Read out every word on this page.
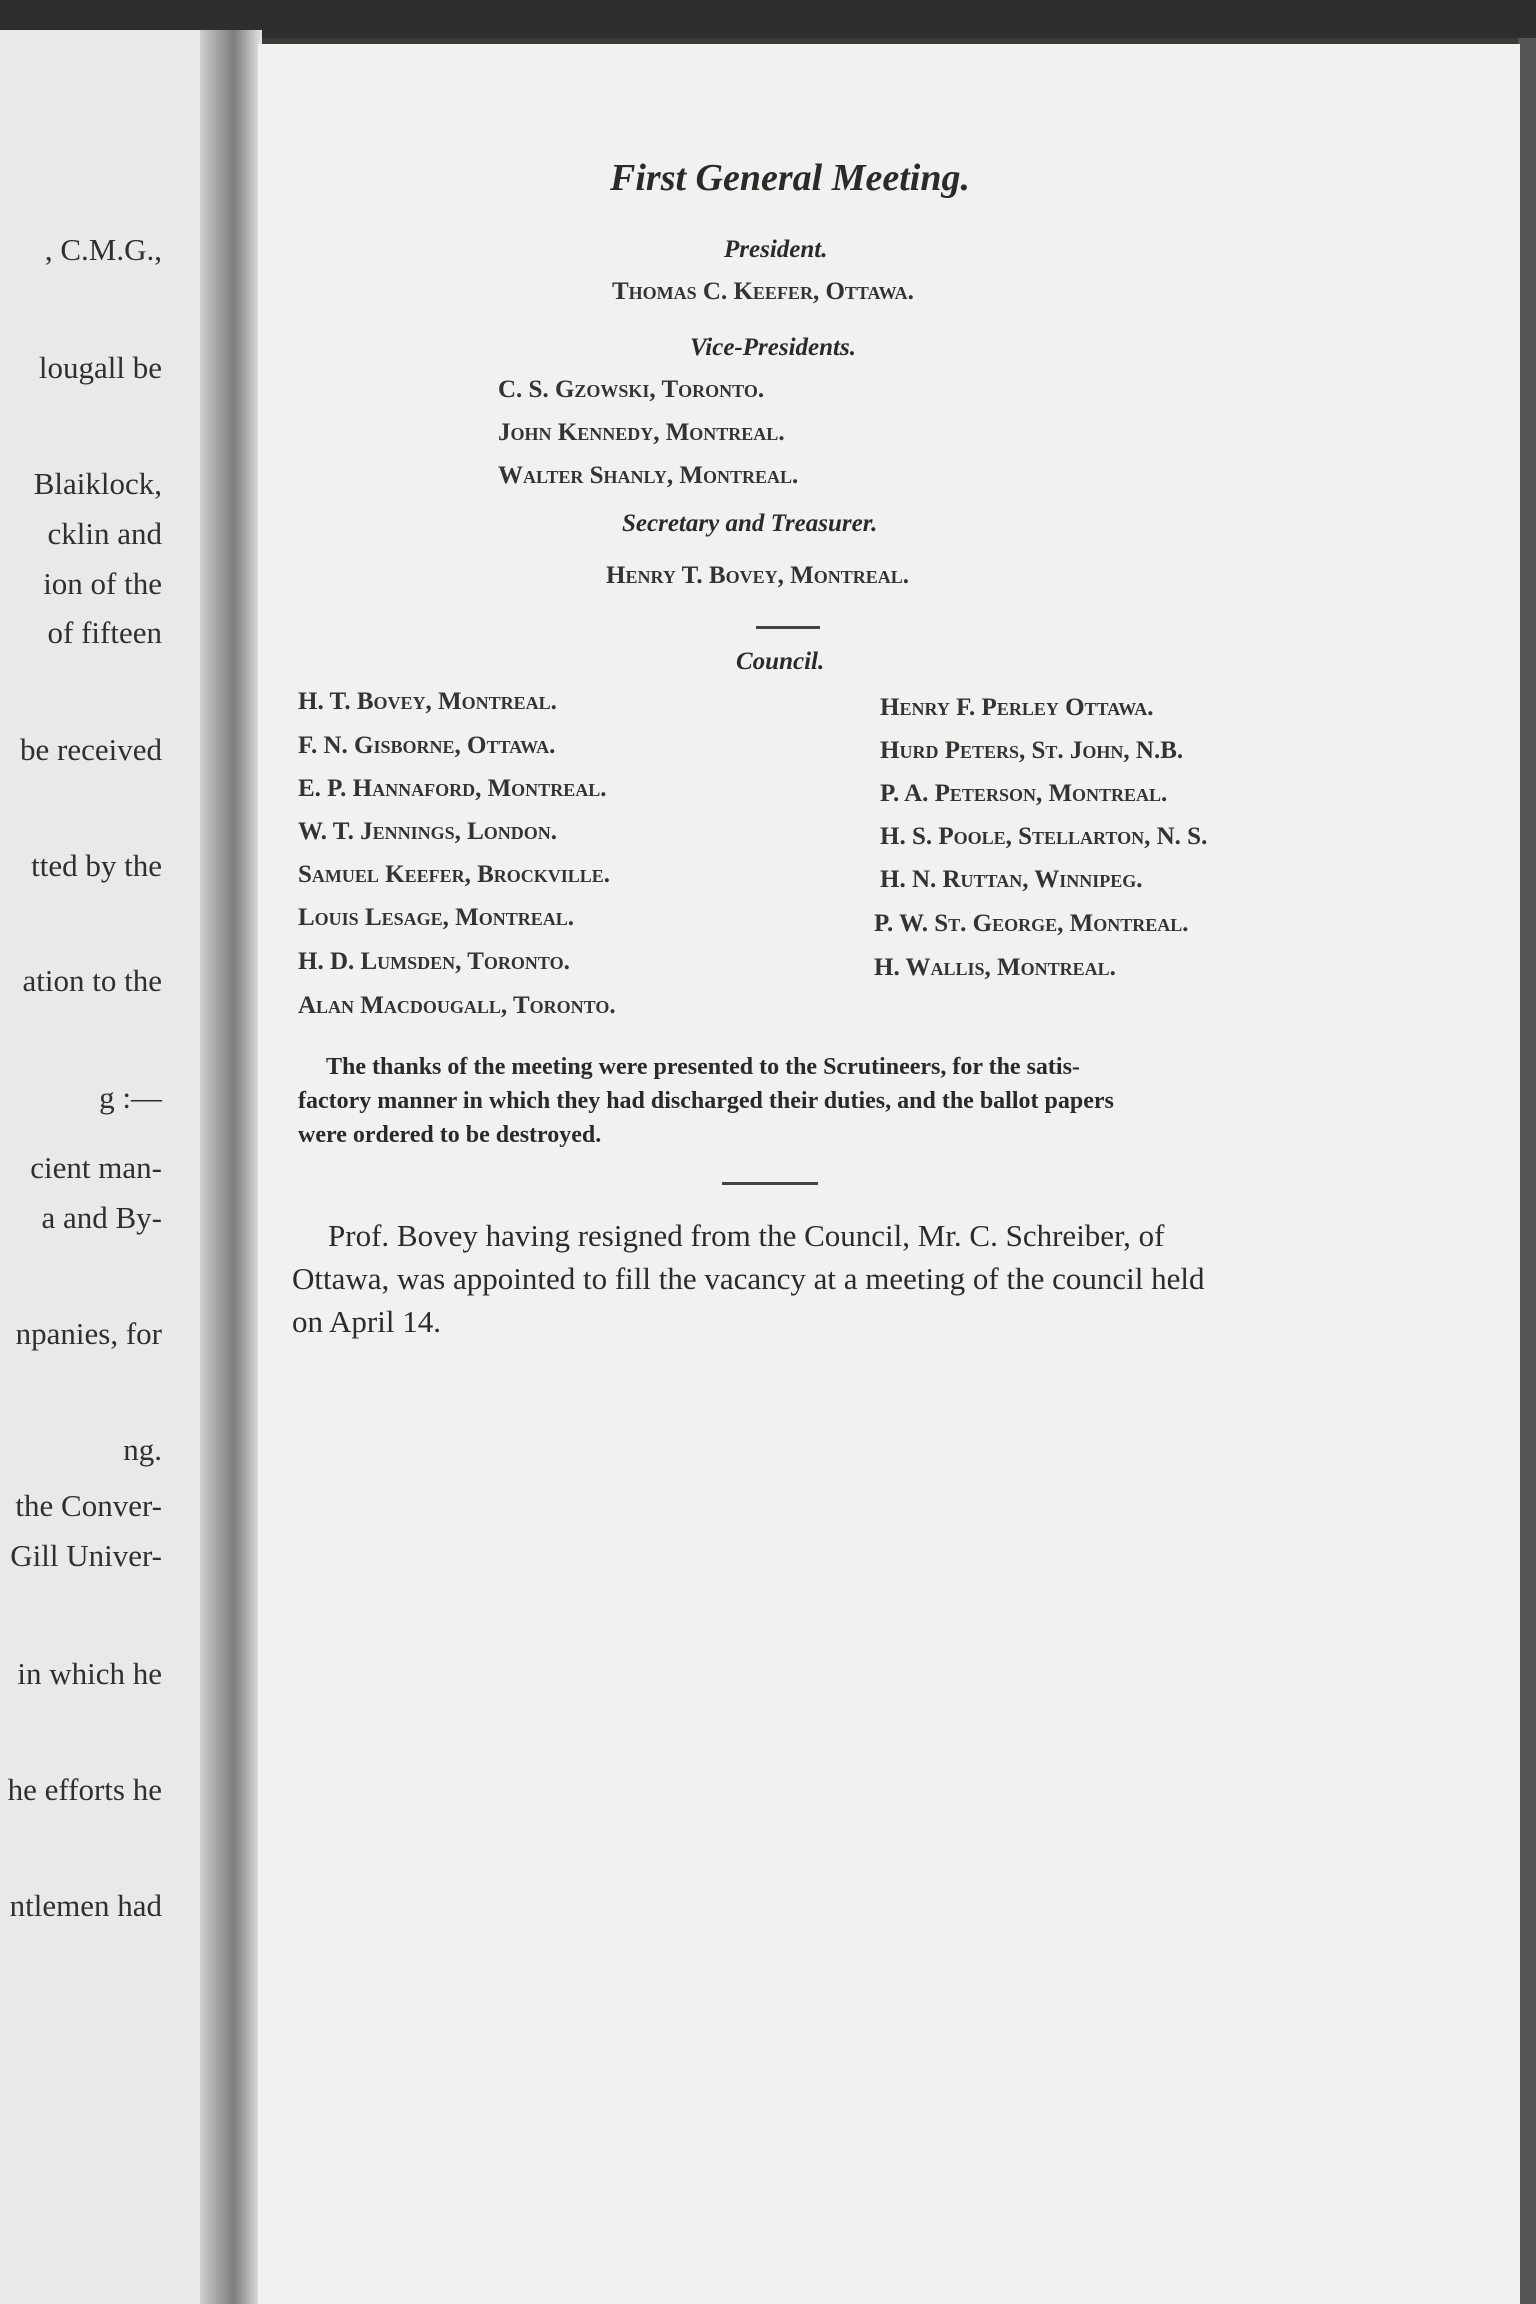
, C.M.G.,
lougall be
Blaiklock,
cklin and
ion of the
of fifteen
be received
tted by the
ation to the
g :—
cient man-
a and By-
npanies, for
ng.
the Conver-
Gill Univer-
in which he
he efforts he
ntlemen had
First General Meeting.
President.
Thomas C. Keefer, Ottawa.
Vice-Presidents.
C. S. Gzowski, Toronto.
John Kennedy, Montreal.
Walter Shanly, Montreal.
Secretary and Treasurer.
Henry T. Bovey, Montreal.
Council.
H. T. Bovey, Montreal.
F. N. Gisborne, Ottawa.
E. P. Hannaford, Montreal.
W. T. Jennings, London.
Samuel Keefer, Brockville.
Louis Lesage, Montreal.
H. D. Lumsden, Toronto.
Alan Macdougall, Toronto.
Henry F. Perley Ottawa.
Hurd Peters, St. John, N.B.
P. A. Peterson, Montreal.
H. S. Poole, Stellarton, N. S.
H. N. Ruttan, Winnipeg.
P. W. St. George, Montreal.
H. Wallis, Montreal.
The thanks of the meeting were presented to the Scrutineers, for the satis-
factory manner in which they had discharged their duties, and the ballot papers
were ordered to be destroyed.
Prof. Bovey having resigned from the Council, Mr. C. Schreiber, of
Ottawa, was appointed to fill the vacancy at a meeting of the council held
on April 14.
